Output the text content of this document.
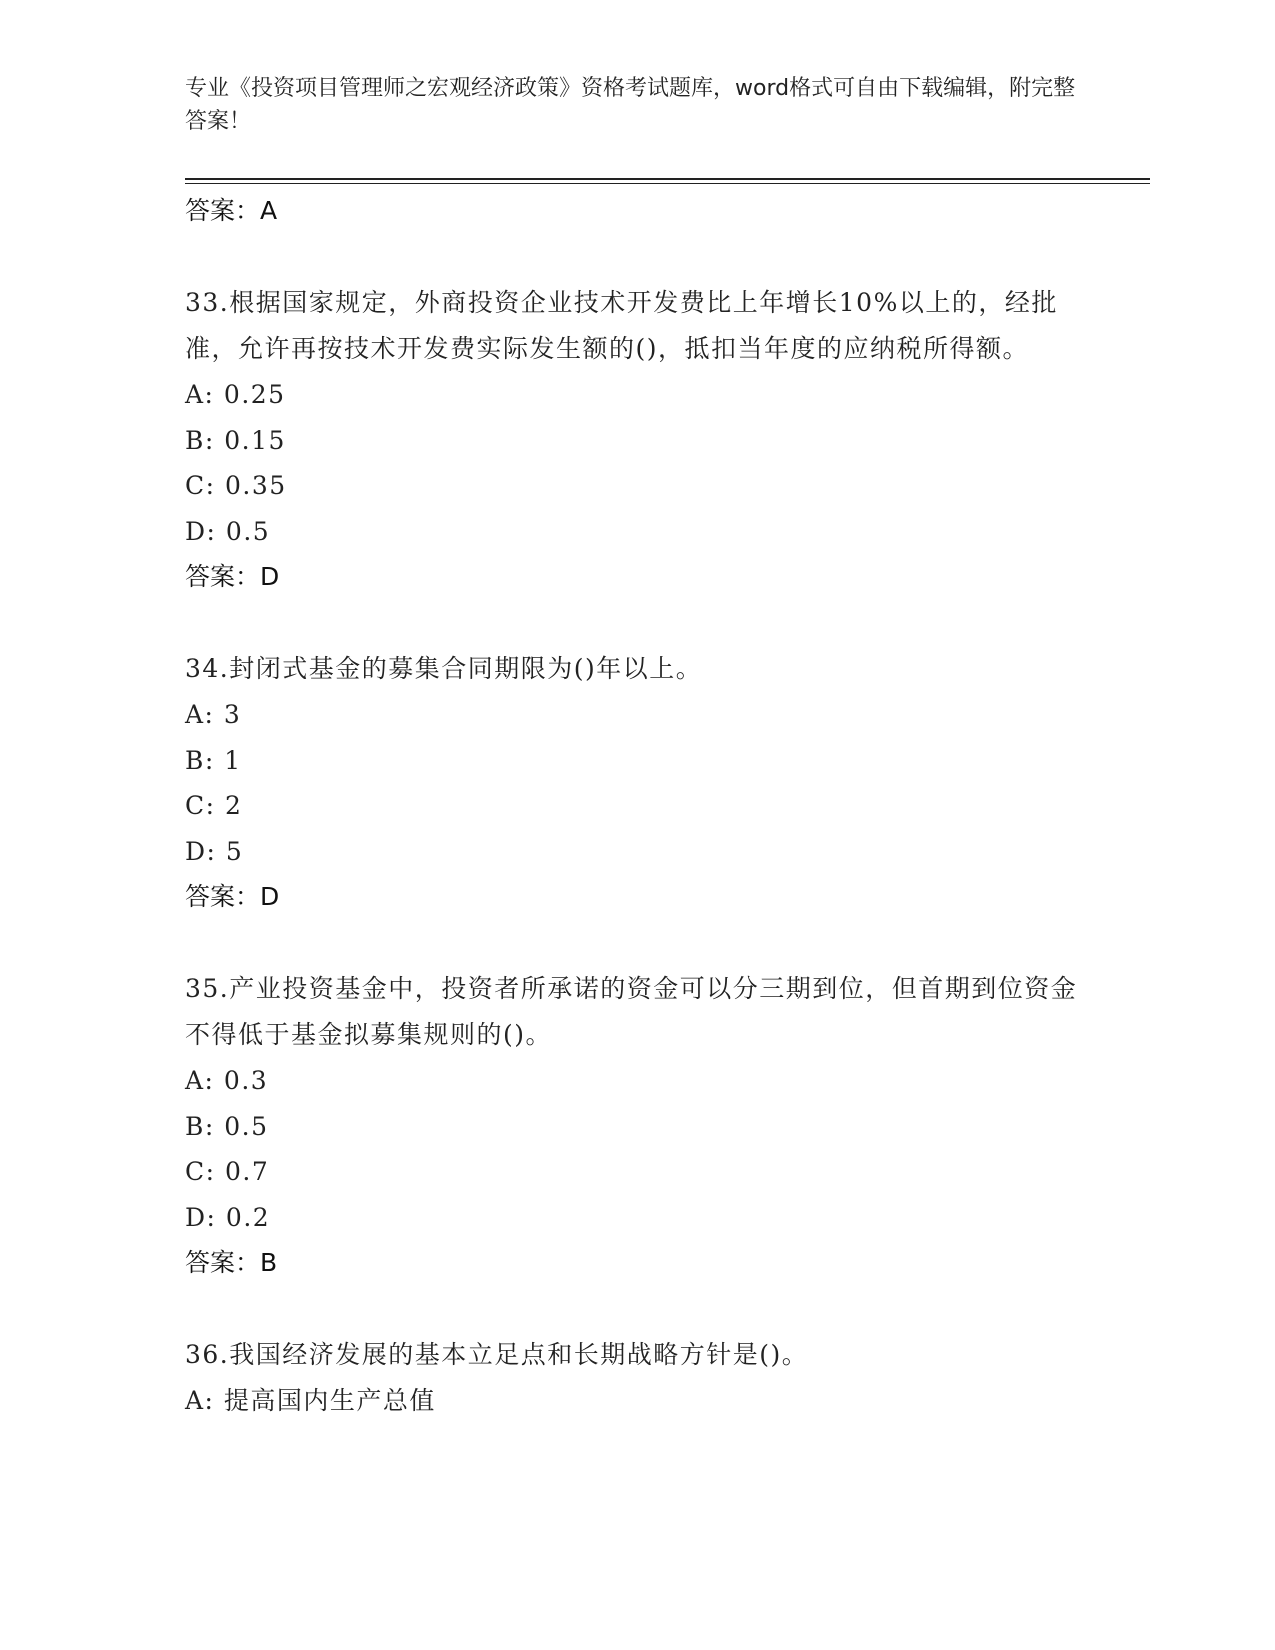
专业《投资项目管理师之宏观经济政策》资格考试题库，word格式可自由下载编辑，附完整答案！
答案：A
33.根据国家规定，外商投资企业技术开发费比上年增长10%以上的，经批准，允许再按技术开发费实际发生额的()，抵扣当年度的应纳税所得额。
A: 0.25
B: 0.15
C: 0.35
D: 0.5
答案：D
34.封闭式基金的募集合同期限为()年以上。
A: 3
B: 1
C: 2
D: 5
答案：D
35.产业投资基金中，投资者所承诺的资金可以分三期到位，但首期到位资金不得低于基金拟募集规则的()。
A: 0.3
B: 0.5
C: 0.7
D: 0.2
答案：B
36.我国经济发展的基本立足点和长期战略方针是()。
A: 提高国内生产总值
